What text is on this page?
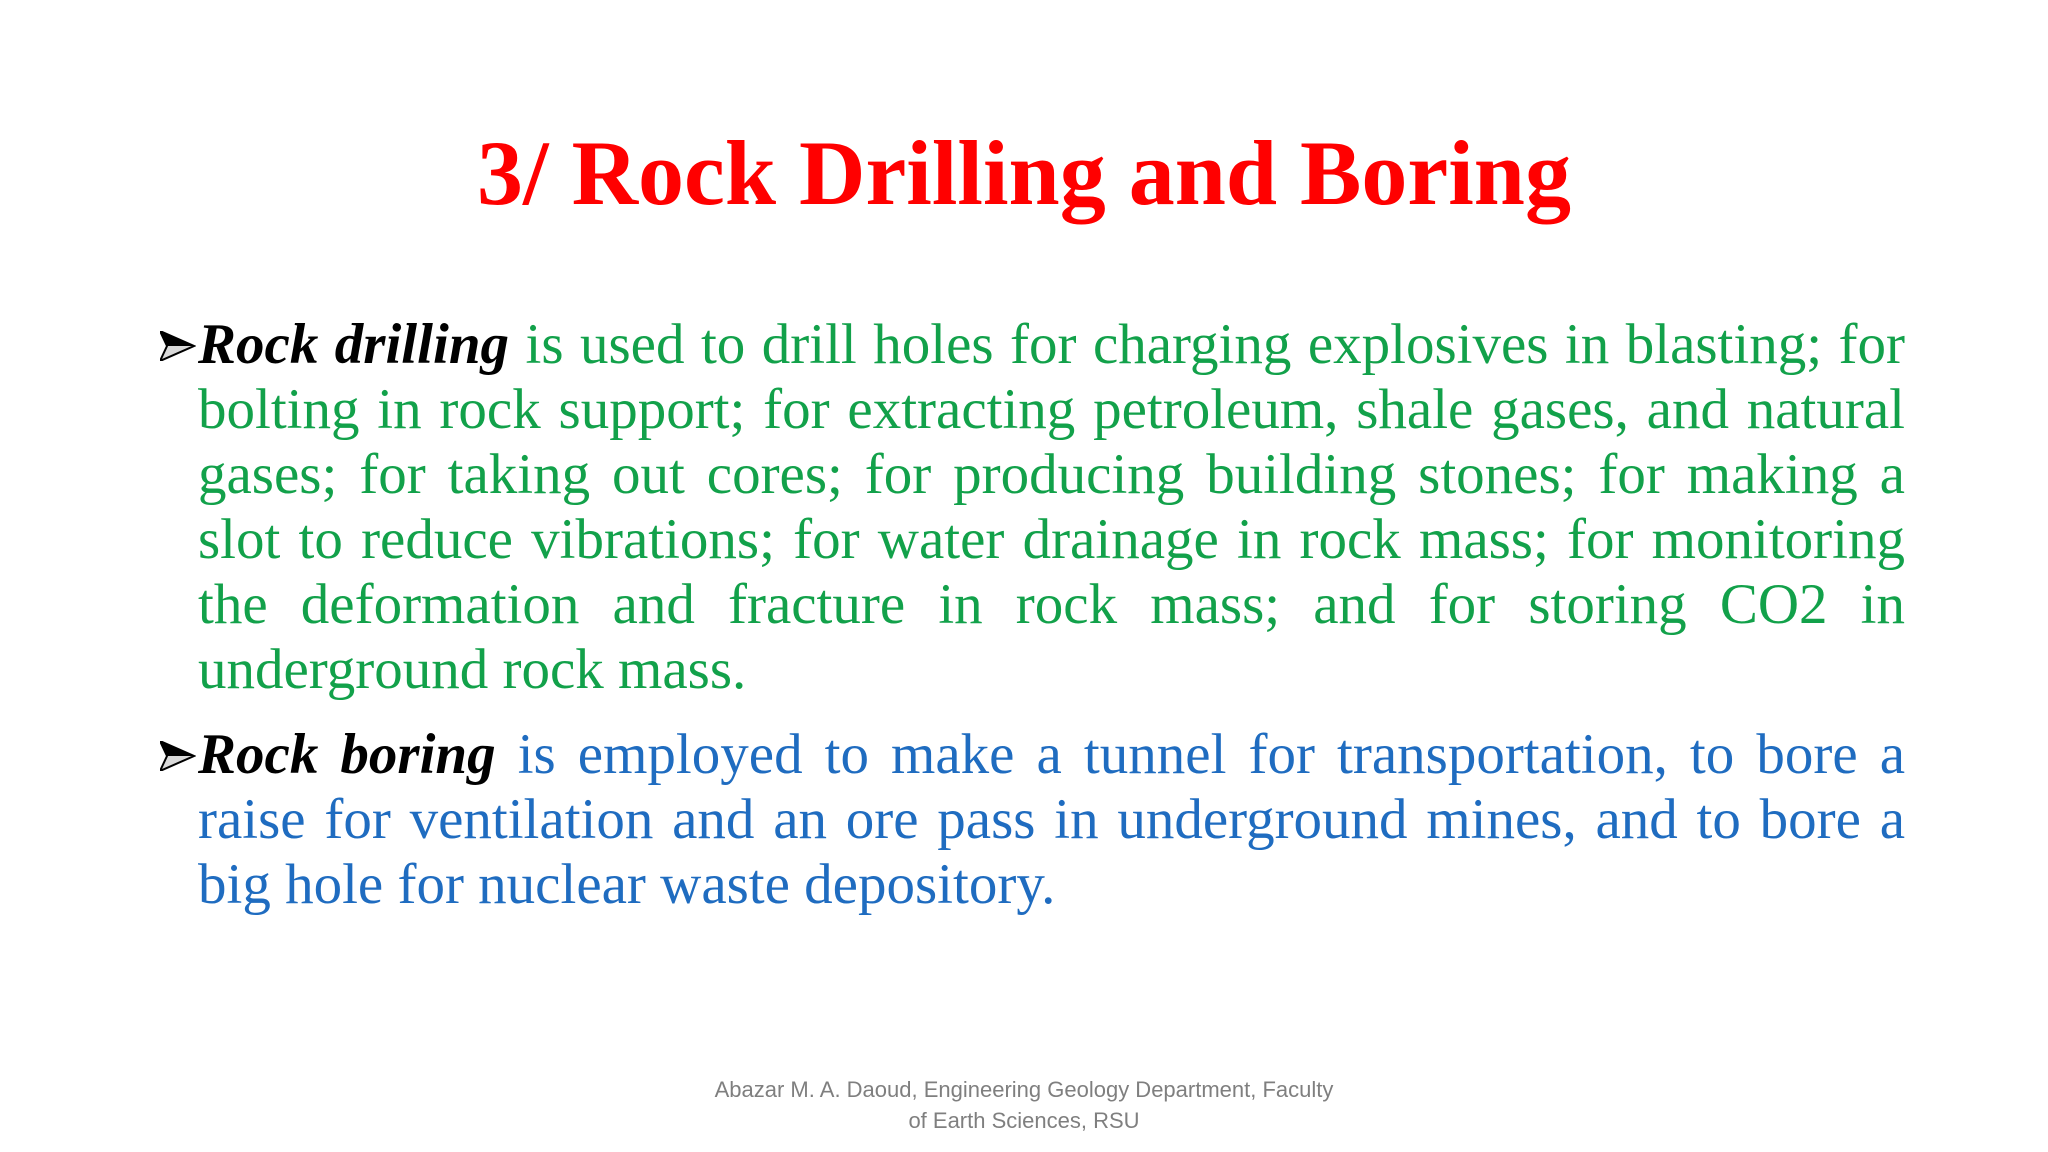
3/ Rock Drilling and Boring

Rock drilling is used to drill holes for charging explosives in blasting; for bolting in rock support; for extracting petroleum, shale gases, and natural gases; for taking out cores; for producing building stones; for making a slot to reduce vibrations; for water drainage in rock mass; for monitoring the deformation and fracture in rock mass; and for storing CO2 in underground rock mass.

Rock boring is employed to make a tunnel for transportation, to bore a raise for ventilation and an ore pass in underground mines, and to bore a big hole for nuclear waste depository.

Abazar M. A. Daoud, Engineering Geology Department, Faculty
of Earth Sciences, RSU
